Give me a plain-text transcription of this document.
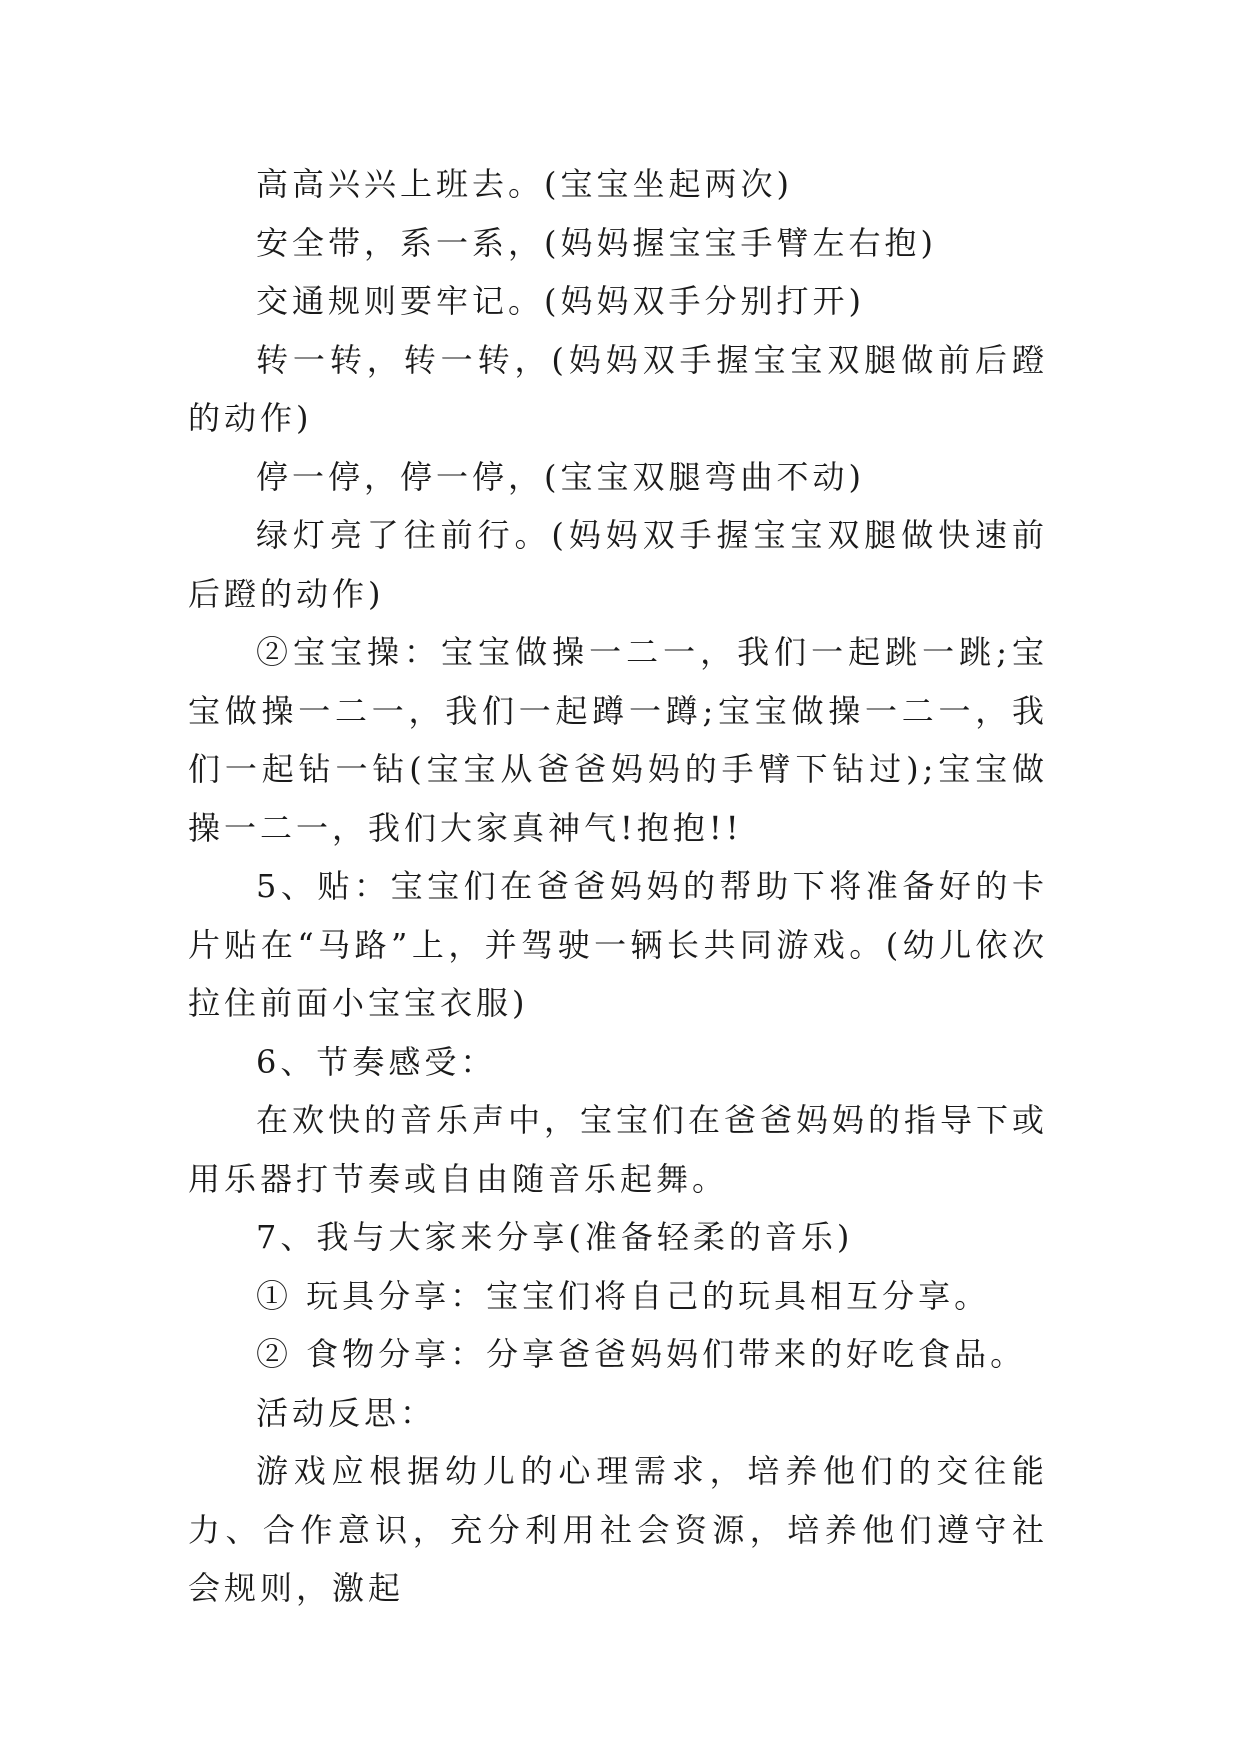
高高兴兴上班去。(宝宝坐起两次)

安全带，系一系，(妈妈握宝宝手臂左右抱)

交通规则要牢记。(妈妈双手分别打开)

转一转，转一转，(妈妈双手握宝宝双腿做前后蹬的动作)

停一停，停一停，(宝宝双腿弯曲不动)

绿灯亮了往前行。(妈妈双手握宝宝双腿做快速前后蹬的动作)

②宝宝操：宝宝做操一二一，我们一起跳一跳;宝宝做操一二一，我们一起蹲一蹲;宝宝做操一二一，我们一起钻一钻(宝宝从爸爸妈妈的手臂下钻过);宝宝做操一二一，我们大家真神气!抱抱!!

5、贴：宝宝们在爸爸妈妈的帮助下将准备好的卡片贴在“马路”上，并驾驶一辆长共同游戏。(幼儿依次拉住前面小宝宝衣服)

6、节奏感受：

在欢快的音乐声中，宝宝们在爸爸妈妈的指导下或用乐器打节奏或自由随音乐起舞。

7、我与大家来分享(准备轻柔的音乐)

① 玩具分享：宝宝们将自己的玩具相互分享。

② 食物分享：分享爸爸妈妈们带来的好吃食品。

活动反思：

游戏应根据幼儿的心理需求，培养他们的交往能力、合作意识，充分利用社会资源，培养他们遵守社会规则，激起
